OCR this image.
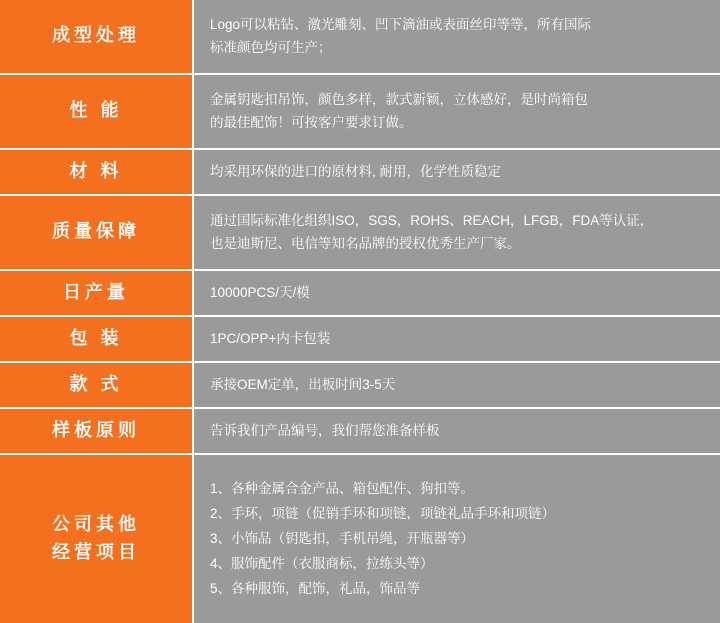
成型处理	Logo可以粘钻、激光雕刻、凹下滴油或表面丝印等等，所有国际
标准颜色均可生产；

性 能	金属钥匙扣吊饰，颜色多样，款式新颖，立体感好，是时尚箱包
的最佳配饰！可按客户要求订做。

材 料	均采用环保的进口的原材料, 耐用，化学性质稳定

质量保障	通过国际标准化组织ISO，SGS，ROHS、REACH，LFGB，FDA等认证，
也是迪斯尼、电信等知名品牌的授权优秀生产厂家。

日产量	10000PCS/天/模

包 装	1PC/OPP+内卡包装

款 式	承接OEM定单，出板时间3-5天

样板原则	告诉我们产品编号，我们帮您准备样板

公司其他
经营项目	1、各种金属合金产品、箱包配件、狗扣等。
2、手环，项链（促销手环和项链，项链礼品手环和项链）
3、小饰品（钥匙扣，手机吊绳，开瓶器等）
4、服饰配件（衣服商标，拉练头等）
5、各种服饰，配饰，礼品，饰品等
